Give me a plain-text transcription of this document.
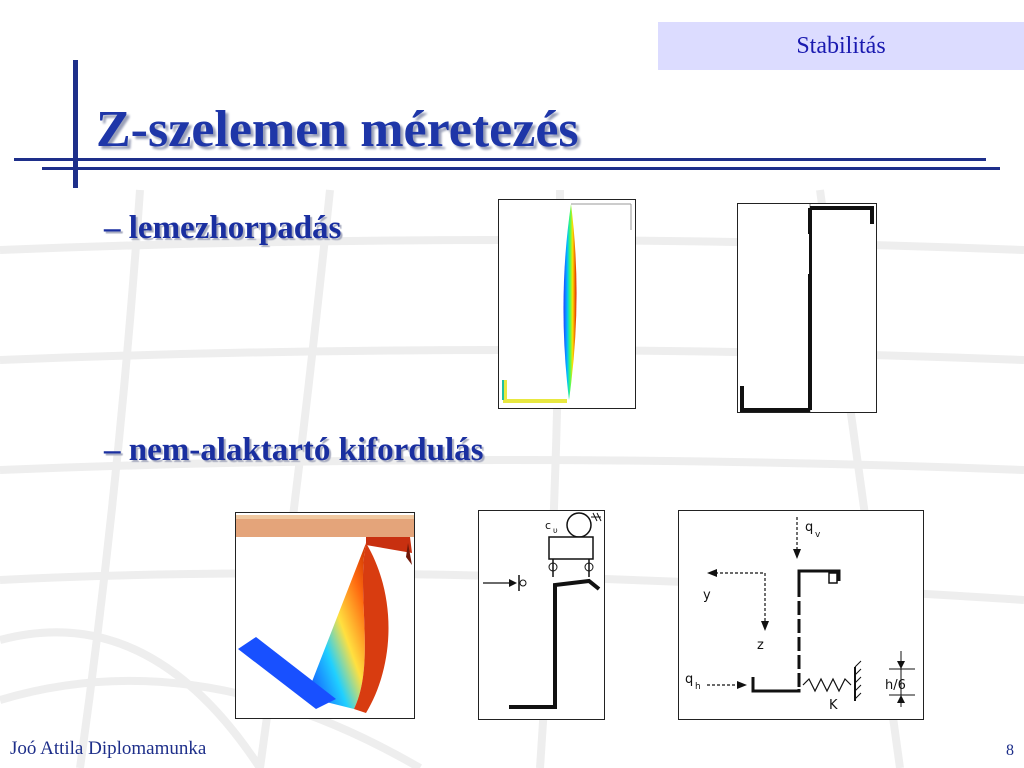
Stabilitás
Z-szelemen méretezés
– lemezhorpadás
– nem-alaktartó kifordulás
c υ	q v
y
z
q h
K
h/6
Joó Attila Diplomamunka	8
